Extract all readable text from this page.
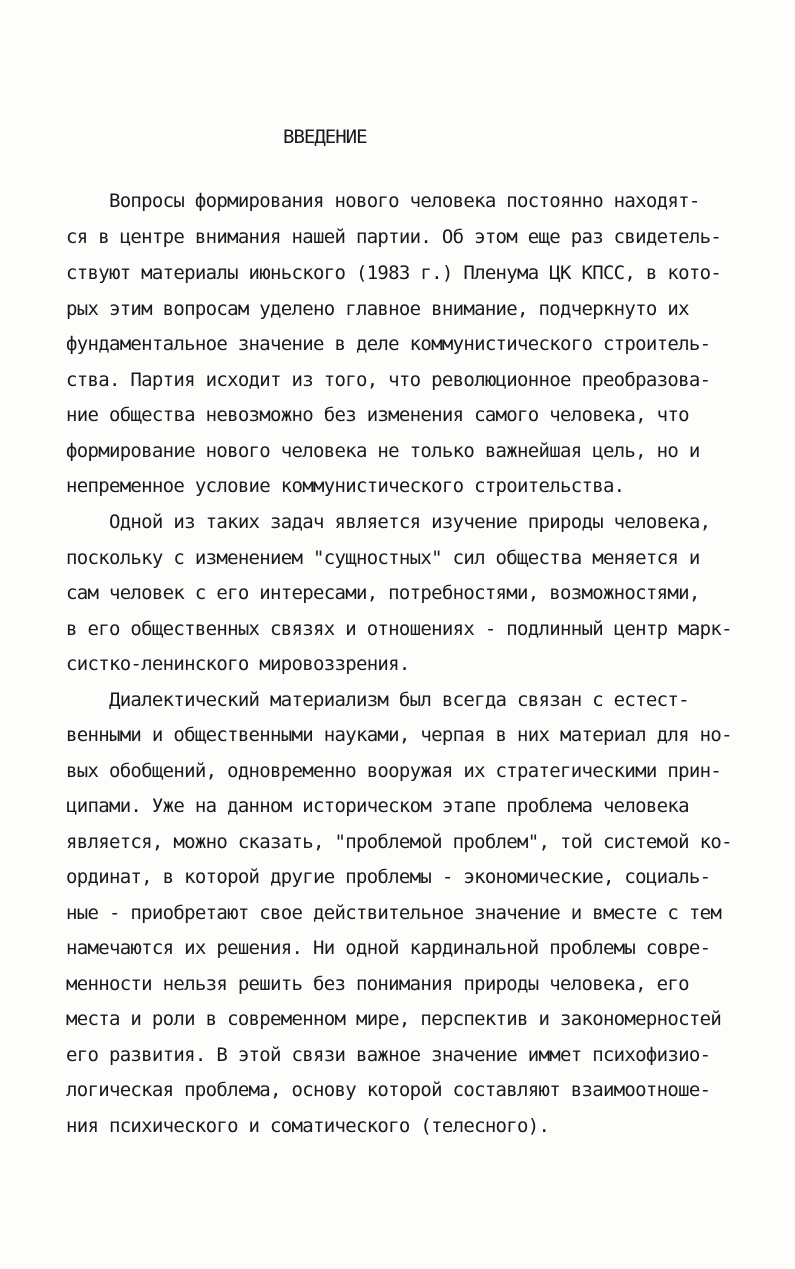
ВВЕДЕНИЕ
Вопросы формирования нового человека постоянно находят-
ся в центре внимания нашей партии. Об этом еще раз свидетель-
ствуют материалы июньского (1983 г.) Пленума ЦК КПСС, в кото-
рых этим вопросам уделено главное внимание, подчеркнуто их
фундаментальное значение в деле коммунистического строитель-
ства. Партия исходит из того, что революционное преобразова-
ние общества невозможно без изменения самого человека, что
формирование нового человека не только важнейшая цель, но и
непременное условие коммунистического строительства.
Одной из таких задач является изучение природы человека,
поскольку с изменением "сущностных" сил общества меняется и
сам человек с его интересами, потребностями, возможностями,
в его общественных связях и отношениях - подлинный центр марк-
систко-ленинского мировоззрения.
Диалектический материализм был всегда связан с естест-
венными и общественными науками, черпая в них материал для но-
вых обобщений, одновременно вооружая их стратегическими прин-
ципами. Уже на данном историческом этапе проблема человека
является, можно сказать, "проблемой проблем", той системой ко-
ординат, в которой другие проблемы - экономические, социаль-
ные - приобретают свое действительное значение и вместе с тем
намечаются их решения. Ни одной кардинальной проблемы совре-
менности нельзя решить без понимания природы человека, его
места и роли в современном мире, перспектив и закономерностей
его развития. В этой связи важное значение иммет психофизио-
логическая проблема, основу которой составляют взаимоотноше-
ния психического и соматического (телесного).
